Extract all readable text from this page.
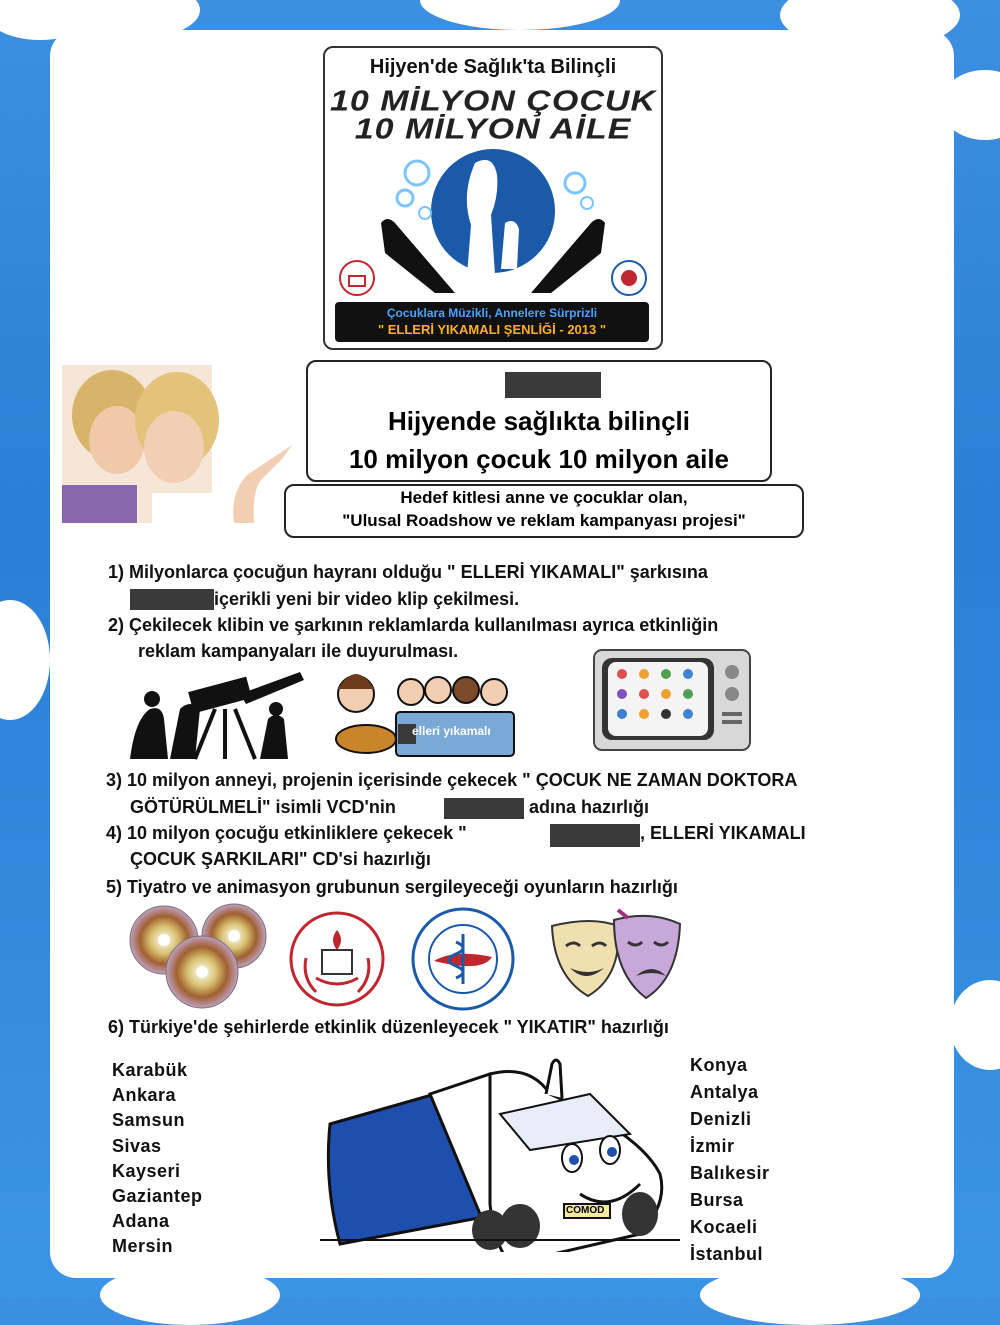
Hijyen'de Sağlık'ta Bilinçli
10 MİLYON ÇOCUK
10 MİLYON AİLE
Çocuklara Müzikli, Annelere Sürprizli
" ELLERİ YIKAMALI ŞENLİĞİ - 2013 "
Hijyende sağlıkta bilinçli
10 milyon çocuk 10 milyon aile
Hedef kitlesi anne ve çocuklar olan,
"Ulusal Roadshow ve reklam kampanyası projesi"
1) Milyonlarca çocuğun hayranı olduğu " ELLERİ YIKAMALI" şarkısına
içerikli yeni bir video klip çekilmesi.
2) Çekilecek klibin ve şarkının reklamlarda kullanılması ayrıca etkinliğin
reklam kampanyaları ile duyurulması.
elleri yıkamalı
3) 10 milyon anneyi, projenin içerisinde çekecek " ÇOCUK NE ZAMAN DOKTORA
GÖTÜRÜLMELİ" isimli VCD'nin	adına hazırlığı
4) 10 milyon çocuğu etkinliklere çekecek "	, ELLERİ YIKAMALI
ÇOCUK ŞARKILARI" CD'si hazırlığı
5) Tiyatro ve animasyon grubunun sergileyeceği oyunların hazırlığı
6) Türkiye'de şehirlerde etkinlik düzenleyecek " YIKATIR" hazırlığı
Karabük
Ankara
Samsun
Sivas
Kayseri
Gaziantep
Adana
Mersin
Konya
Antalya
Denizli
İzmir
Balıkesir
Bursa
Kocaeli
İstanbul
COMOD
